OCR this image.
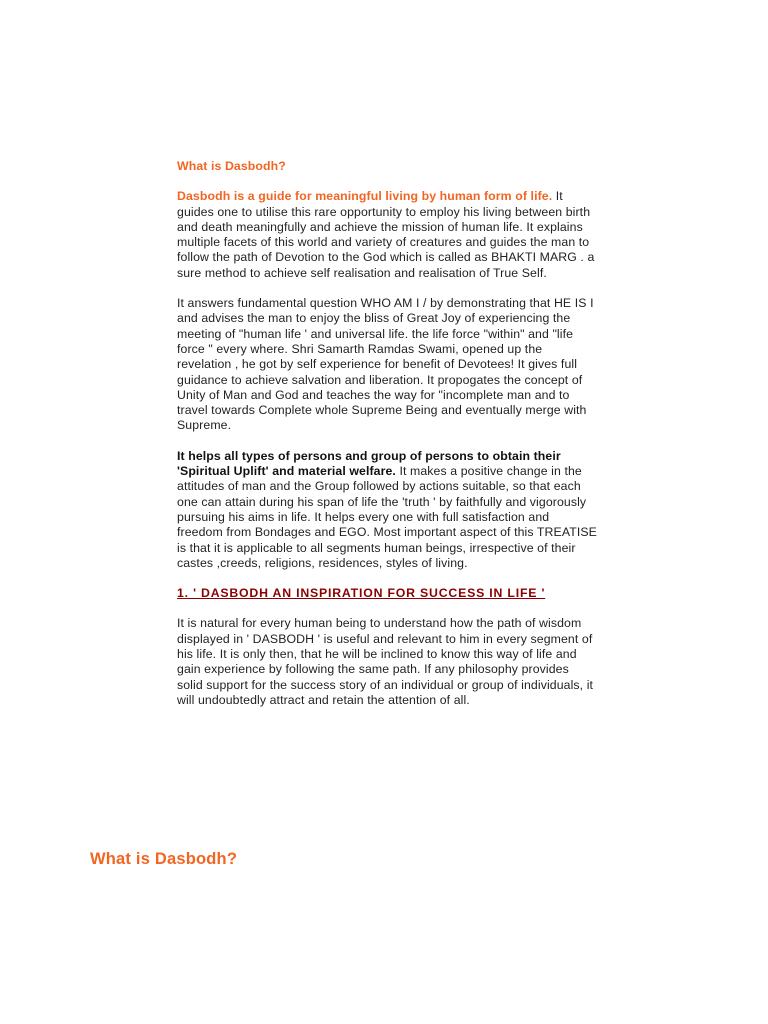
What is Dasbodh?

Dasbodh is a guide for meaningful living by human form of life. It guides one to utilise this rare opportunity to employ his living between birth and death meaningfully and achieve the mission of human life. It explains multiple facets of this world and variety of creatures and guides the man to follow the path of Devotion to the God which is called as BHAKTI MARG . a sure method to achieve self realisation and realisation of True Self.

It answers fundamental question WHO AM I / by demonstrating that HE IS I and advises the man to enjoy the bliss of Great Joy of experiencing the meeting of "human life ' and universal life. the life force "within" and "life force " every where. Shri Samarth Ramdas Swami, opened up the revelation , he got by self experience for benefit of Devotees! It gives full guidance to achieve salvation and liberation. It propogates the concept of Unity of Man and God and teaches the way for "incomplete man and to travel towards Complete whole Supreme Being and eventually merge with Supreme.

It helps all types of persons and group of persons to obtain their 'Spiritual Uplift' and material welfare. It makes a positive change in the attitudes of man and the Group followed by actions suitable, so that each one can attain during his span of life the 'truth ' by faithfully and vigorously pursuing his aims in life. It helps every one with full satisfaction and freedom from Bondages and EGO. Most important aspect of this TREATISE is that it is applicable to all segments human beings, irrespective of their castes ,creeds, religions, residences, styles of living.

1. ' DASBODH AN INSPIRATION FOR SUCCESS IN LIFE '

It is natural for every human being to understand how the path of wisdom displayed in ' DASBODH ' is useful and relevant to him in every segment of his life. It is only then, that he will be inclined to know this way of life and gain experience by following the same path. If any philosophy provides solid support for the success story of an individual or group of individuals, it will undoubtedly attract and retain the attention of all.

What is Dasbodh?
